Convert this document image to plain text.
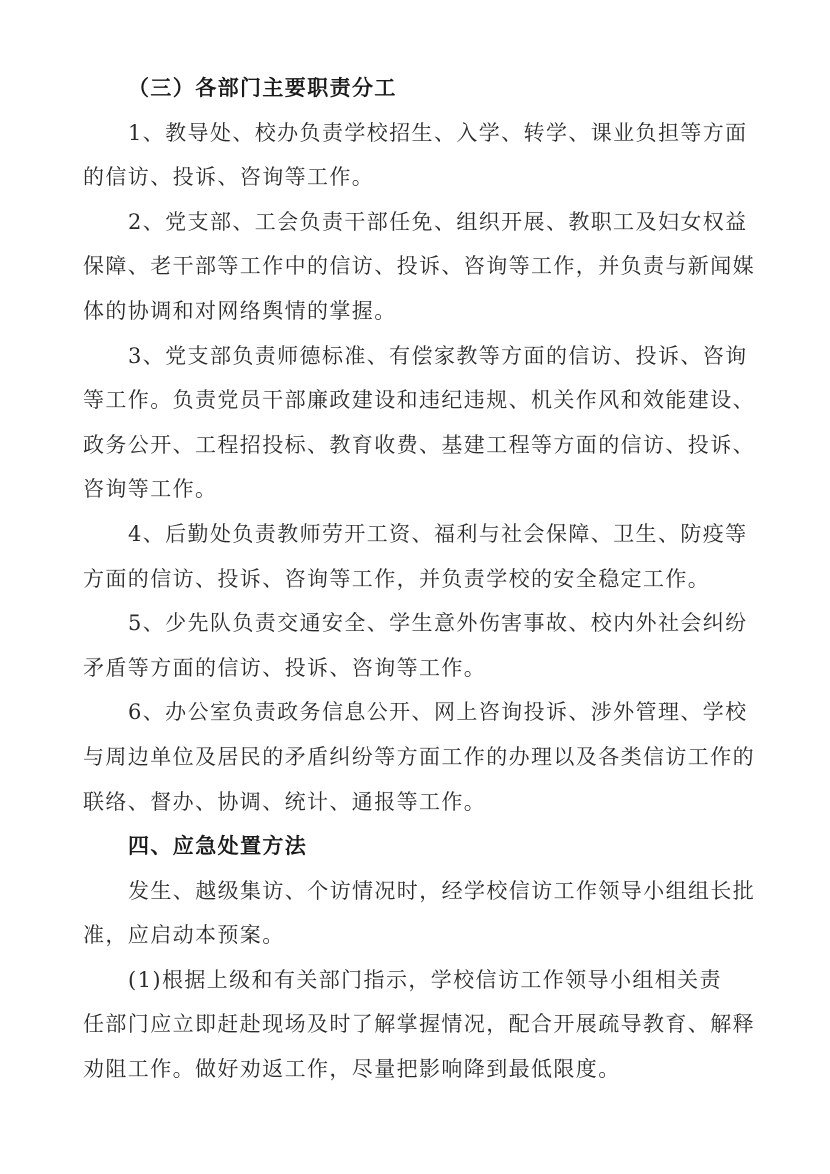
（三）各部门主要职责分工
1、教导处、校办负责学校招生、入学、转学、课业负担等方面
的信访、投诉、咨询等工作。
2、党支部、工会负责干部任免、组织开展、教职工及妇女权益
保障、老干部等工作中的信访、投诉、咨询等工作，并负责与新闻媒
体的协调和对网络舆情的掌握。
3、党支部负责师德标准、有偿家教等方面的信访、投诉、咨询
等工作。负责党员干部廉政建设和违纪违规、机关作风和效能建设、
政务公开、工程招投标、教育收费、基建工程等方面的信访、投诉、
咨询等工作。
4、后勤处负责教师劳开工资、福利与社会保障、卫生、防疫等
方面的信访、投诉、咨询等工作，并负责学校的安全稳定工作。
5、少先队负责交通安全、学生意外伤害事故、校内外社会纠纷
矛盾等方面的信访、投诉、咨询等工作。
6、办公室负责政务信息公开、网上咨询投诉、涉外管理、学校
与周边单位及居民的矛盾纠纷等方面工作的办理以及各类信访工作的
联络、督办、协调、统计、通报等工作。
四、应急处置方法
发生、越级集访、个访情况时，经学校信访工作领导小组组长批
准，应启动本预案。
(1)根据上级和有关部门指示，学校信访工作领导小组相关责
任部门应立即赶赴现场及时了解掌握情况，配合开展疏导教育、解释
劝阻工作。做好劝返工作，尽量把影响降到最低限度。
